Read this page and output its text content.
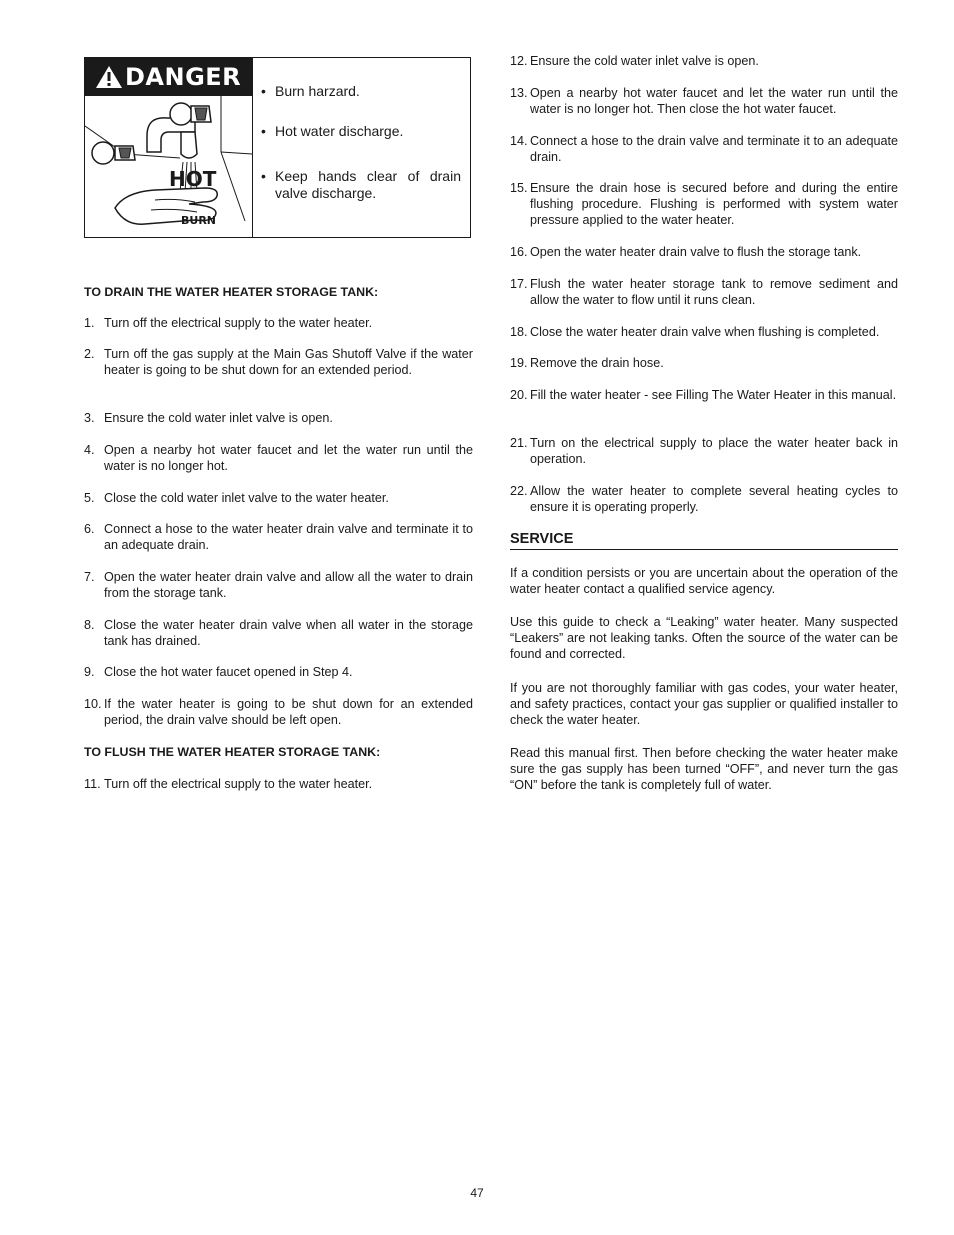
DANGER
HOT
BURN
• Burn harzard.
• Hot water discharge.
• Keep hands clear of drain valve discharge.
TO DRAIN THE WATER HEATER STORAGE TANK:
1. Turn off the electrical supply to the water heater.
2. Turn off the gas supply at the Main Gas Shutoff Valve if the water heater is going to be shut down for an extended period.
3. Ensure the cold water inlet valve is open.
4. Open a nearby hot water faucet and let the water run until the water is no longer hot.
5. Close the cold water inlet valve to the water heater.
6. Connect a hose to the water heater drain valve and terminate it to an adequate drain.
7. Open the water heater drain valve and allow all the water to drain from the storage tank.
8. Close the water heater drain valve when all water in the storage tank has drained.
9. Close the hot water faucet opened in Step 4.
10. If the water heater is going to be shut down for an extended period, the drain valve should be left open.
TO FLUSH THE WATER HEATER STORAGE TANK:
11. Turn off the electrical supply to the water heater.
12. Ensure the cold water inlet valve is open.
13. Open a nearby hot water faucet and let the water run until the water is no longer hot. Then close the hot water faucet.
14. Connect a hose to the drain valve and terminate it to an adequate drain.
15. Ensure the drain hose is secured before and during the entire flushing procedure. Flushing is performed with system water pressure applied to the water heater.
16. Open the water heater drain valve to flush the storage tank.
17. Flush the water heater storage tank to remove sediment and allow the water to flow until it runs clean.
18. Close the water heater drain valve when flushing is completed.
19. Remove the drain hose.
20. Fill the water heater - see Filling The Water Heater in this manual.
21. Turn on the electrical supply to place the water heater back in operation.
22. Allow the water heater to complete several heating cycles to ensure it is operating properly.
SERVICE
If a condition persists or you are uncertain about the operation of the water heater contact a qualified service agency.
Use this guide to check a “Leaking” water heater. Many suspected “Leakers” are not leaking tanks. Often the source of the water can be found and corrected.
If you are not thoroughly familiar with gas codes, your water heater, and safety practices, contact your gas supplier or qualified installer to check the water heater.
Read this manual first. Then before checking the water heater make sure the gas supply has been turned “OFF”, and never turn the gas “ON” before the tank is completely full of water.
47
